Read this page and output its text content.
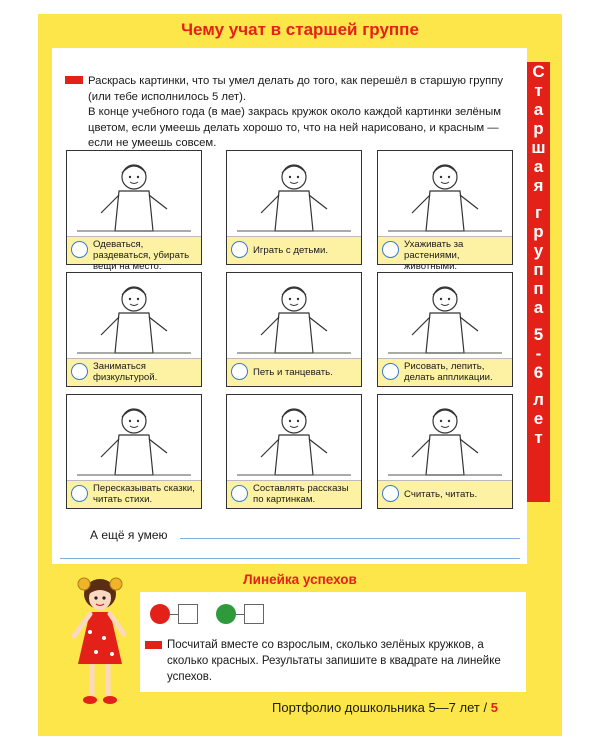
Чему учат в старшей группе

Раскрась картинки, что ты умел делать до того, как перешёл в старшую группу (или тебе исполнилось 5 лет).

В конце учебного года (в мае) закрась кружок около каждой картинки зелёным цветом, если умеешь делать хорошо то, что на ней нарисовано, и красным — если не умеешь совсем.

С
т
а
р
ш
а
я

г
р
у
п
п
а

5
-
6

л
е
т
Одеваться, раздеваться, убирать вещи на место.
Играть с детьми.
Ухаживать за растениями, животными.
Заниматься физкультурой.	Петь и танцевать.
Рисовать, лепить, делать аппликации.
Пересказывать сказки, читать стихи.
Составлять рассказы по картинкам.	Считать, читать.
А ещё я умею
Линейка успехов
Посчитай вместе со взрослым, сколько зелёных кружков, а сколько красных. Результаты запишите в квадрате на линейке успехов.
Портфолио дошкольника 5—7 лет / 5
